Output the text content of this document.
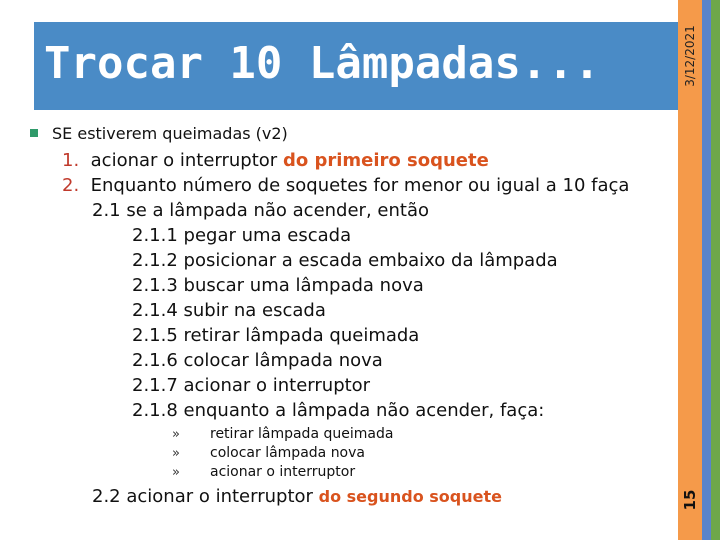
Trocar 10 Lâmpadas...	3/12/2021
15
SE estiverem queimadas (v2)
1. acionar o interruptor do primeiro soquete
2. Enquanto número de soquetes for menor ou igual a 10 faça
2.1 se a lâmpada não acender, então
2.1.1 pegar uma escada
2.1.2 posicionar a escada embaixo da lâmpada
2.1.3 buscar uma lâmpada nova
2.1.4 subir na escada
2.1.5 retirar lâmpada queimada
2.1.6 colocar lâmpada nova
2.1.7 acionar o interruptor
2.1.8 enquanto a lâmpada não acender, faça:
» retirar lâmpada queimada
» colocar lâmpada nova
» acionar o interruptor
2.2 acionar o interruptor do segundo soquete
